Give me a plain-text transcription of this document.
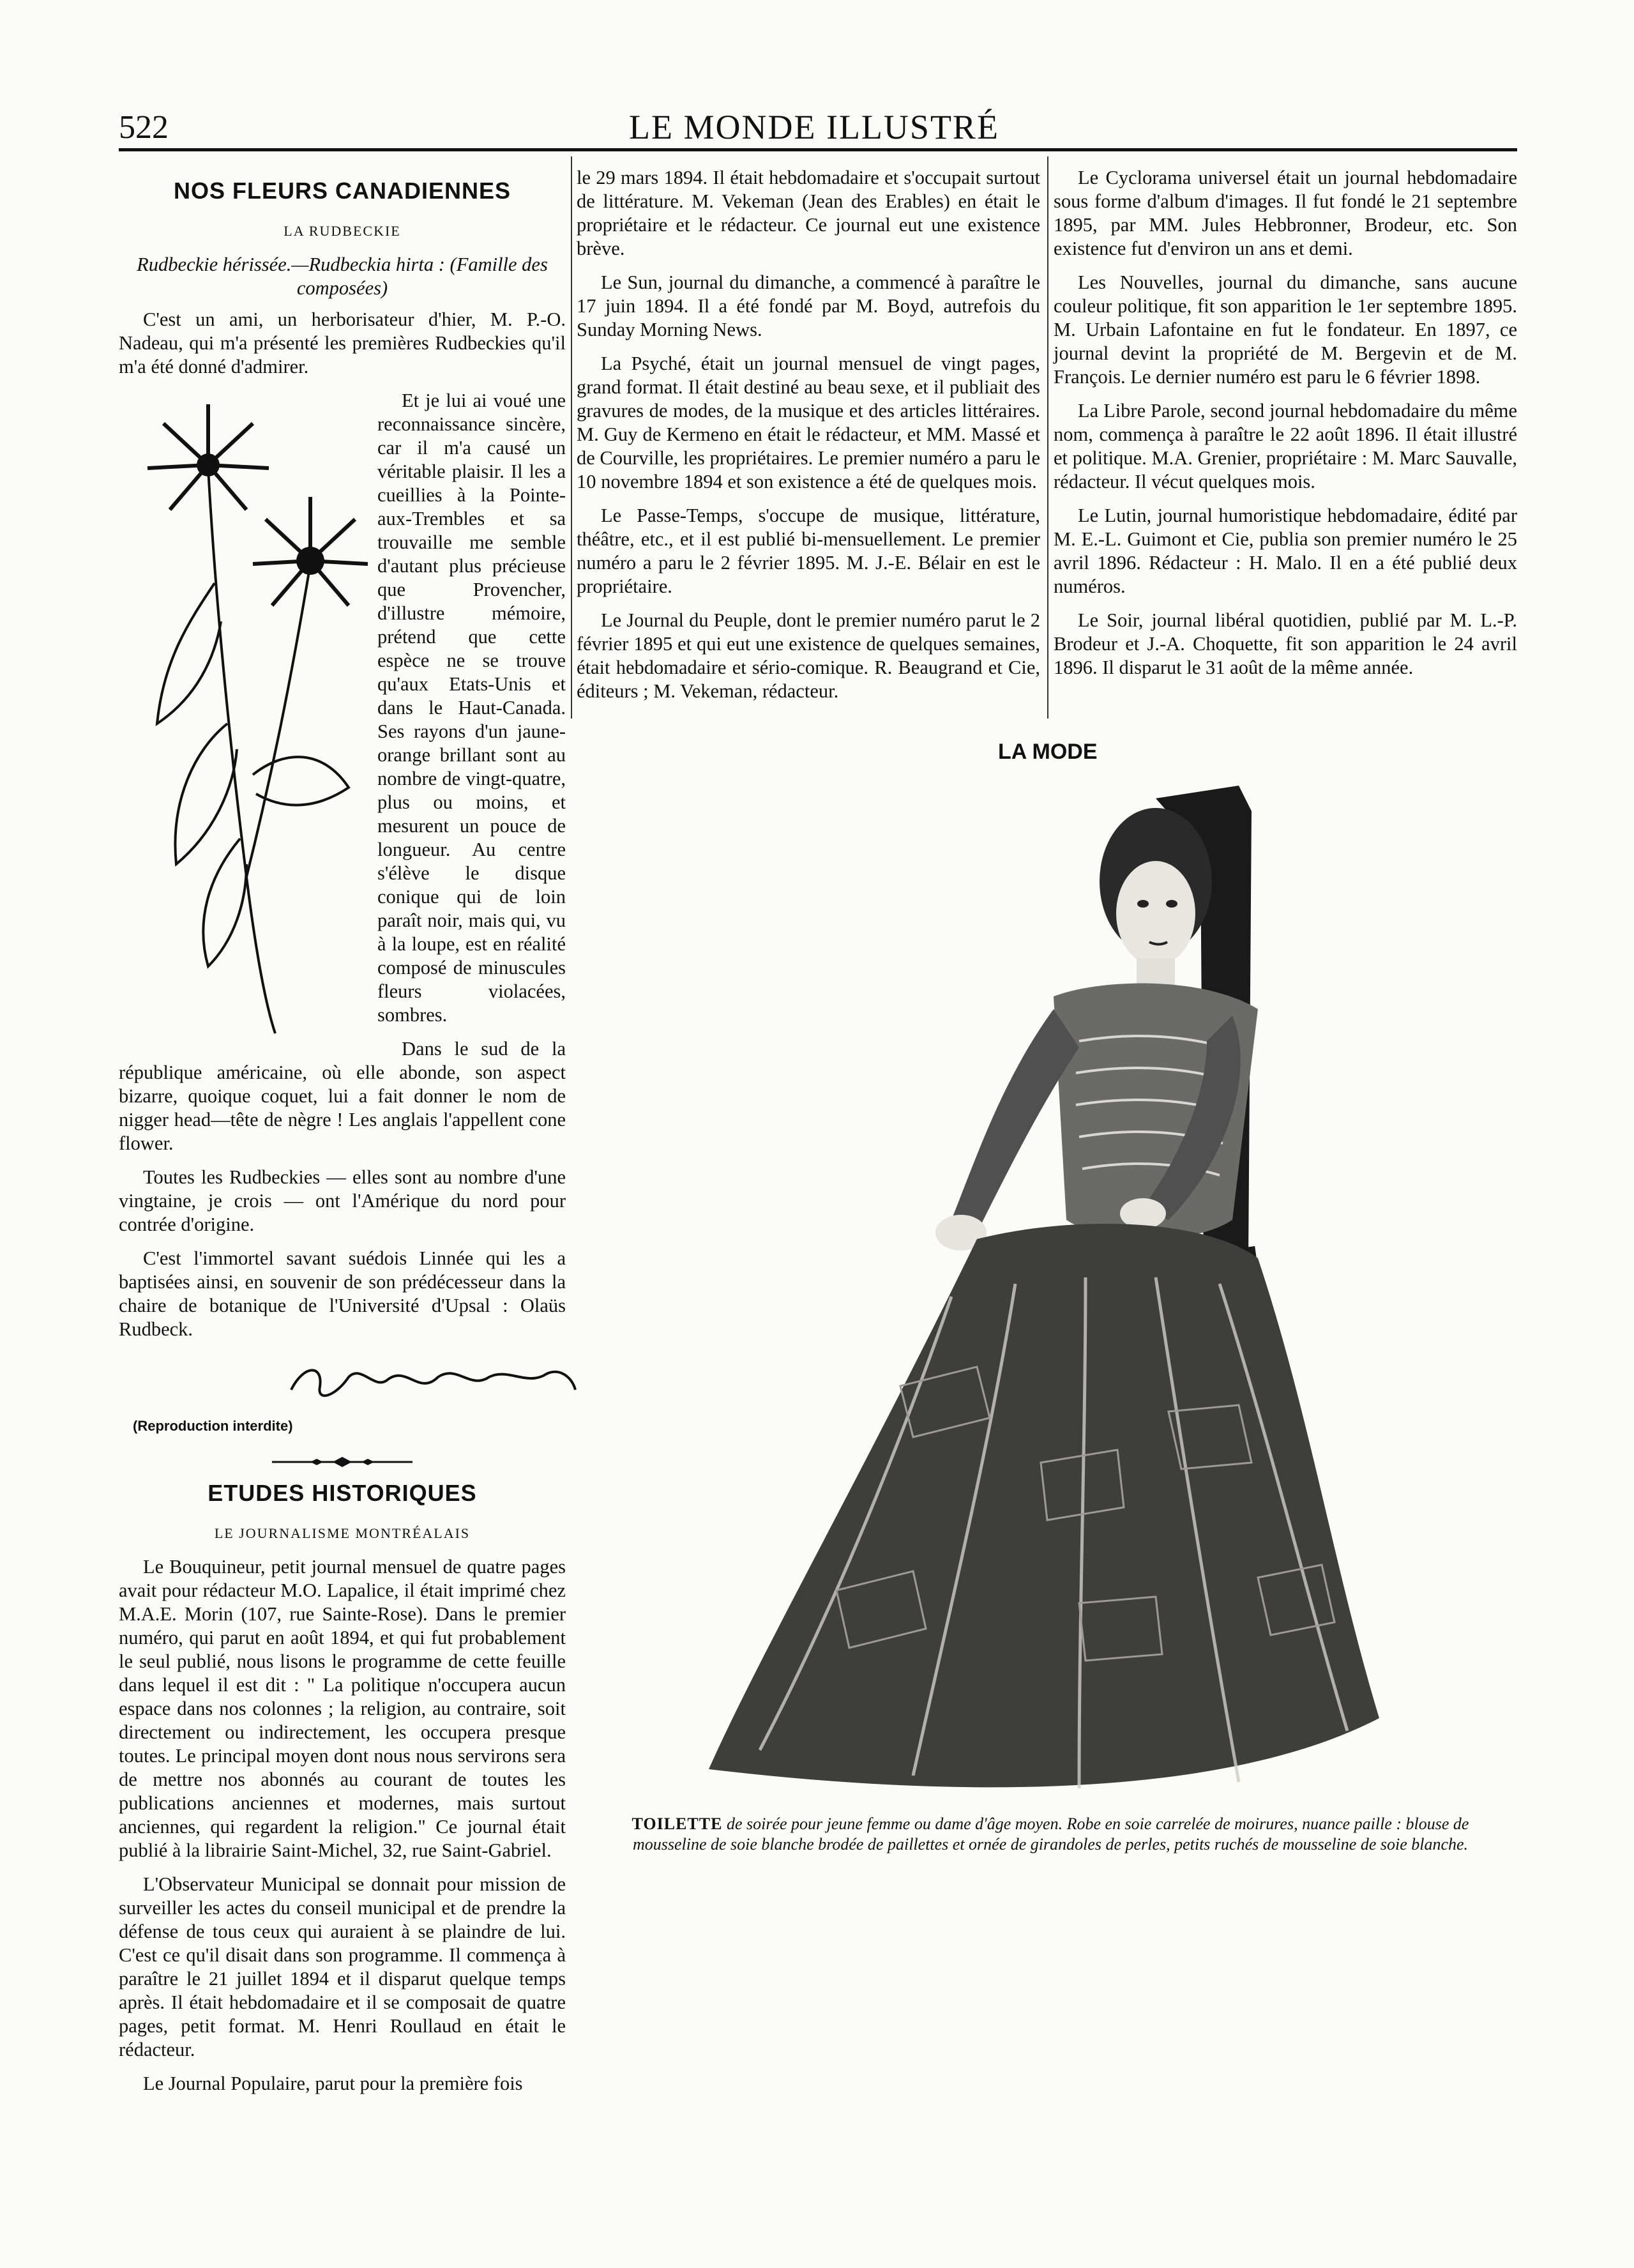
522	LE MONDE ILLUSTRÉ
NOS FLEURS CANADIENNES
LA RUDBECKIE
Rudbeckie hérissée.—Rudbeckia hirta : (Famille des composées)

C'est un ami, un herborisateur d'hier, M. P.-O. Nadeau, qui m'a présenté les premières Rudbeckies qu'il m'a été donné d'admirer.

Et je lui ai voué une reconnaissance sincère, car il m'a causé un véritable plaisir. Il les a cueillies à la Pointe-aux-Trembles et sa trouvaille me semble d'autant plus précieuse que Provencher, d'illustre mémoire, prétend que cette espèce ne se trouve qu'aux Etats-Unis et dans le Haut-Canada. Ses rayons d'un jaune-orange brillant sont au nombre de vingt-quatre, plus ou moins, et mesurent un pouce de longueur. Au centre s'élève le disque conique qui de loin paraît noir, mais qui, vu à la loupe, est en réalité composé de minuscules fleurs violacées, sombres.

Dans le sud de la république américaine, où elle abonde, son aspect bizarre, quoique coquet, lui a fait donner le nom de nigger head—tête de nègre ! Les anglais l'appellent cone flower.

Toutes les Rudbeckies — elles sont au nombre d'une vingtaine, je crois — ont l'Amérique du nord pour contrée d'origine.

C'est l'immortel savant suédois Linnée qui les a baptisées ainsi, en souvenir de son prédécesseur dans la chaire de botanique de l'Université d'Upsal : Olaüs Rudbeck.

(Reproduction interdite)
ETUDES HISTORIQUES
LE JOURNALISME MONTRÉALAIS

Le Bouquineur, petit journal mensuel de quatre pages avait pour rédacteur M.O. Lapalice, il était imprimé chez M.A.E. Morin (107, rue Sainte-Rose). Dans le premier numéro, qui parut en août 1894, et qui fut probablement le seul publié, nous lisons le programme de cette feuille dans lequel il est dit : " La politique n'occupera aucun espace dans nos colonnes ; la religion, au contraire, soit directement ou indirectement, les occupera presque toutes. Le principal moyen dont nous nous servirons sera de mettre nos abonnés au courant de toutes les publications anciennes et modernes, mais surtout anciennes, qui regardent la religion." Ce journal était publié à la librairie Saint-Michel, 32, rue Saint-Gabriel.

L'Observateur Municipal se donnait pour mission de surveiller les actes du conseil municipal et de prendre la défense de tous ceux qui auraient à se plaindre de lui. C'est ce qu'il disait dans son programme. Il commença à paraître le 21 juillet 1894 et il disparut quelque temps après. Il était hebdomadaire et il se composait de quatre pages, petit format. M. Henri Roullaud en était le rédacteur.

Le Journal Populaire, parut pour la première fois

le 29 mars 1894. Il était hebdomadaire et s'occupait surtout de littérature. M. Vekeman (Jean des Erables) en était le propriétaire et le rédacteur. Ce journal eut une existence brève.

Le Sun, journal du dimanche, a commencé à paraître le 17 juin 1894. Il a été fondé par M. Boyd, autrefois du Sunday Morning News.

La Psyché, était un journal mensuel de vingt pages, grand format. Il était destiné au beau sexe, et il publiait des gravures de modes, de la musique et des articles littéraires. M. Guy de Kermeno en était le rédacteur, et MM. Massé et de Courville, les propriétaires. Le premier numéro a paru le 10 novembre 1894 et son existence a été de quelques mois.

Le Passe-Temps, s'occupe de musique, littérature, théâtre, etc., et il est publié bi-mensuellement. Le premier numéro a paru le 2 février 1895. M. J.-E. Bélair en est le propriétaire.

Le Journal du Peuple, dont le premier numéro parut le 2 février 1895 et qui eut une existence de quelques semaines, était hebdomadaire et sério-comique. R. Beaugrand et Cie, éditeurs ; M. Vekeman, rédacteur.

Le Cyclorama universel était un journal hebdomadaire sous forme d'album d'images. Il fut fondé le 21 septembre 1895, par MM. Jules Hebbronner, Brodeur, etc. Son existence fut d'environ un ans et demi.

Les Nouvelles, journal du dimanche, sans aucune couleur politique, fit son apparition le 1er septembre 1895. M. Urbain Lafontaine en fut le fondateur. En 1897, ce journal devint la propriété de M. Bergevin et de M. François. Le dernier numéro est paru le 6 février 1898.

La Libre Parole, second journal hebdomadaire du même nom, commença à paraître le 22 août 1896. Il était illustré et politique. M.A. Grenier, propriétaire : M. Marc Sauvalle, rédacteur. Il vécut quelques mois.

Le Lutin, journal humoristique hebdomadaire, édité par M. E.-L. Guimont et Cie, publia son premier numéro le 25 avril 1896. Rédacteur : H. Malo. Il en a été publié deux numéros.

Le Soir, journal libéral quotidien, publié par M. L.-P. Brodeur et J.-A. Choquette, fit son apparition le 24 avril 1896. Il disparut le 31 août de la même année.

LA MODE
TOILETTE de soirée pour jeune femme ou dame d'âge moyen. Robe en soie carrelée de moirures, nuance paille : blouse de mousseline de soie blanche brodée de paillettes et ornée de girandoles de perles, petits ruchés de mousseline de soie blanche.
